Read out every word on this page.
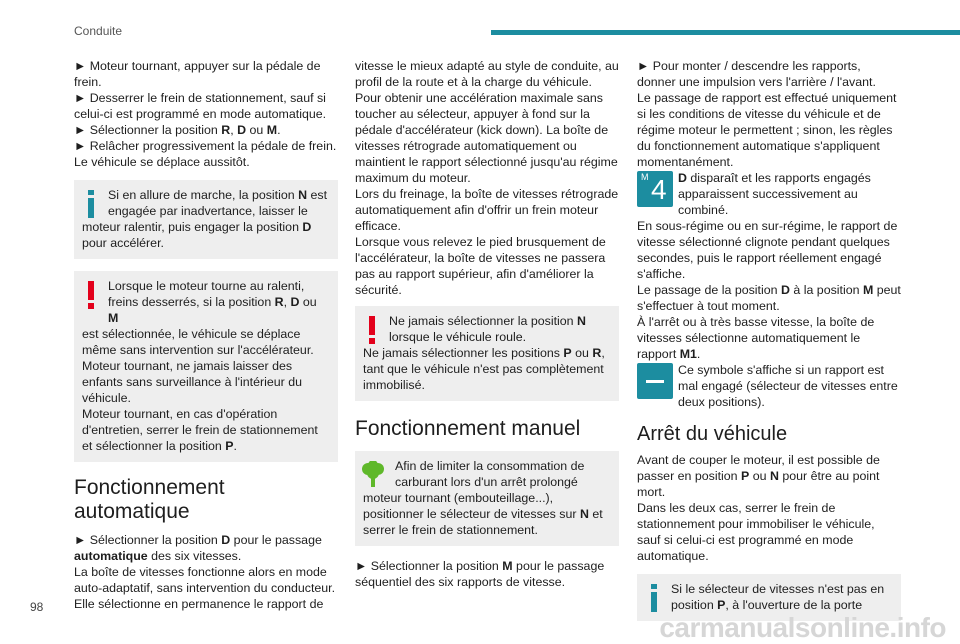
Conduite

► Moteur tournant, appuyer sur la pédale de frein.

► Desserrer le frein de stationnement, sauf si celui-ci est programmé en mode automatique.

► Sélectionner la position R, D ou M.

► Relâcher progressivement la pédale de frein.

Le véhicule se déplace aussitôt.

Si en allure de marche, la position N est engagée par inadvertance, laisser le

moteur ralentir, puis engager la position D pour accélérer.

Lorsque le moteur tourne au ralenti, freins desserrés, si la position R, D ou M

est sélectionnée, le véhicule se déplace même sans intervention sur l'accélérateur.

Moteur tournant, ne jamais laisser des enfants sans surveillance à l'intérieur du véhicule.

Moteur tournant, en cas d'opération d'entretien, serrer le frein de stationnement et sélectionner la position P.

Fonctionnement automatique

► Sélectionner la position D pour le passage automatique des six vitesses.

La boîte de vitesses fonctionne alors en mode auto-adaptatif, sans intervention du conducteur. Elle sélectionne en permanence le rapport de

vitesse le mieux adapté au style de conduite, au profil de la route et à la charge du véhicule.

Pour obtenir une accélération maximale sans toucher au sélecteur, appuyer à fond sur la pédale d'accélérateur (kick down). La boîte de vitesses rétrograde automatiquement ou maintient le rapport sélectionné jusqu'au régime maximum du moteur.

Lors du freinage, la boîte de vitesses rétrograde automatiquement afin d'offrir un frein moteur efficace.

Lorsque vous relevez le pied brusquement de l'accélérateur, la boîte de vitesses ne passera pas au rapport supérieur, afin d'améliorer la sécurité.

Ne jamais sélectionner la position N lorsque le véhicule roule.

Ne jamais sélectionner les positions P ou R, tant que le véhicule n'est pas complètement immobilisé.

Fonctionnement manuel

Afin de limiter la consommation de carburant lors d'un arrêt prolongé

moteur tournant (embouteillage...), positionner le sélecteur de vitesses sur N et serrer le frein de stationnement.

► Sélectionner la position M pour le passage séquentiel des six rapports de vitesse.

► Pour monter / descendre les rapports, donner une impulsion vers l'arrière / l'avant.

Le passage de rapport est effectué uniquement si les conditions de vitesse du véhicule et de régime moteur le permettent ; sinon, les règles du fonctionnement automatique s'appliquent momentanément.

M 4 D disparaît et les rapports engagés apparaissent successivement au combiné.

En sous-régime ou en sur-régime, le rapport de vitesse sélectionné clignote pendant quelques secondes, puis le rapport réellement engagé s'affiche.

Le passage de la position D à la position M peut s'effectuer à tout moment.

À l'arrêt ou à très basse vitesse, la boîte de vitesses sélectionne automatiquement le rapport M1.

Ce symbole s'affiche si un rapport est mal engagé (sélecteur de vitesses entre deux positions).

Arrêt du véhicule

Avant de couper le moteur, il est possible de passer en position P ou N pour être au point mort.

Dans les deux cas, serrer le frein de stationnement pour immobiliser le véhicule, sauf si celui-ci est programmé en mode automatique.

Si le sélecteur de vitesses n'est pas en position P, à l'ouverture de la porte

98
carmanualsonline.info
